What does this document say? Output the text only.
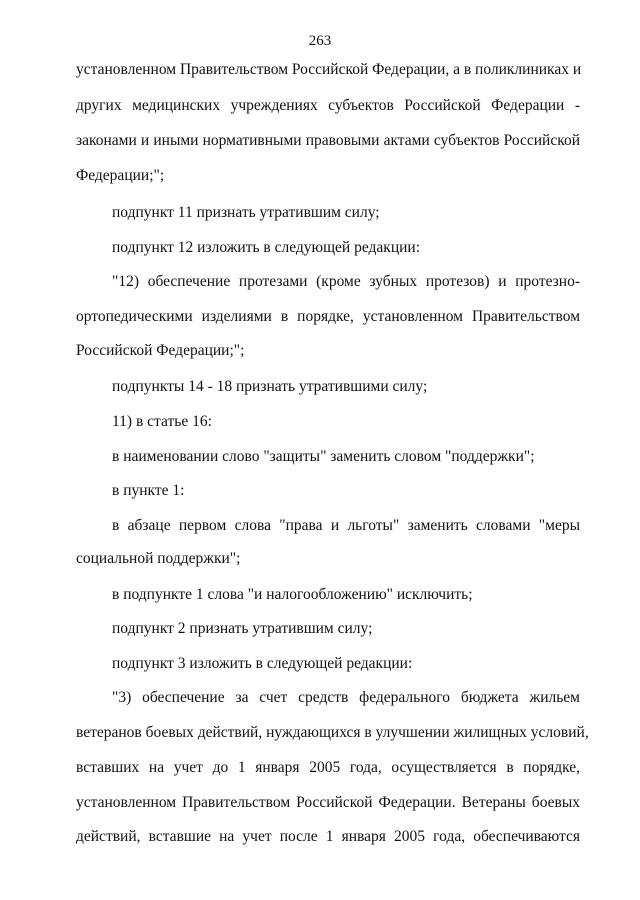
263
установленном Правительством Российской Федерации, а в поликлиниках и
других медицинских учреждениях субъектов Российской Федерации -
законами и иными нормативными правовыми актами субъектов Российской
Федерации;";
подпункт 11 признать утратившим силу;
подпункт 12 изложить в следующей редакции:
"12) обеспечение протезами (кроме зубных протезов) и протезно-
ортопедическими изделиями в порядке, установленном Правительством
Российской Федерации;";
подпункты 14 - 18 признать утратившими силу;
11) в статье 16:
в наименовании слово "защиты" заменить словом "поддержки";
в пункте 1:
в абзаце первом слова "права и льготы" заменить словами "меры
социальной поддержки";
в подпункте 1 слова "и налогообложению" исключить;
подпункт 2 признать утратившим силу;
подпункт 3 изложить в следующей редакции:
"3) обеспечение за счет средств федерального бюджета жильем
ветеранов боевых действий, нуждающихся в улучшении жилищных условий,
вставших на учет до 1 января 2005 года, осуществляется в порядке,
установленном Правительством Российской Федерации. Ветераны боевых
действий, вставшие на учет после 1 января 2005 года, обеспечиваются
